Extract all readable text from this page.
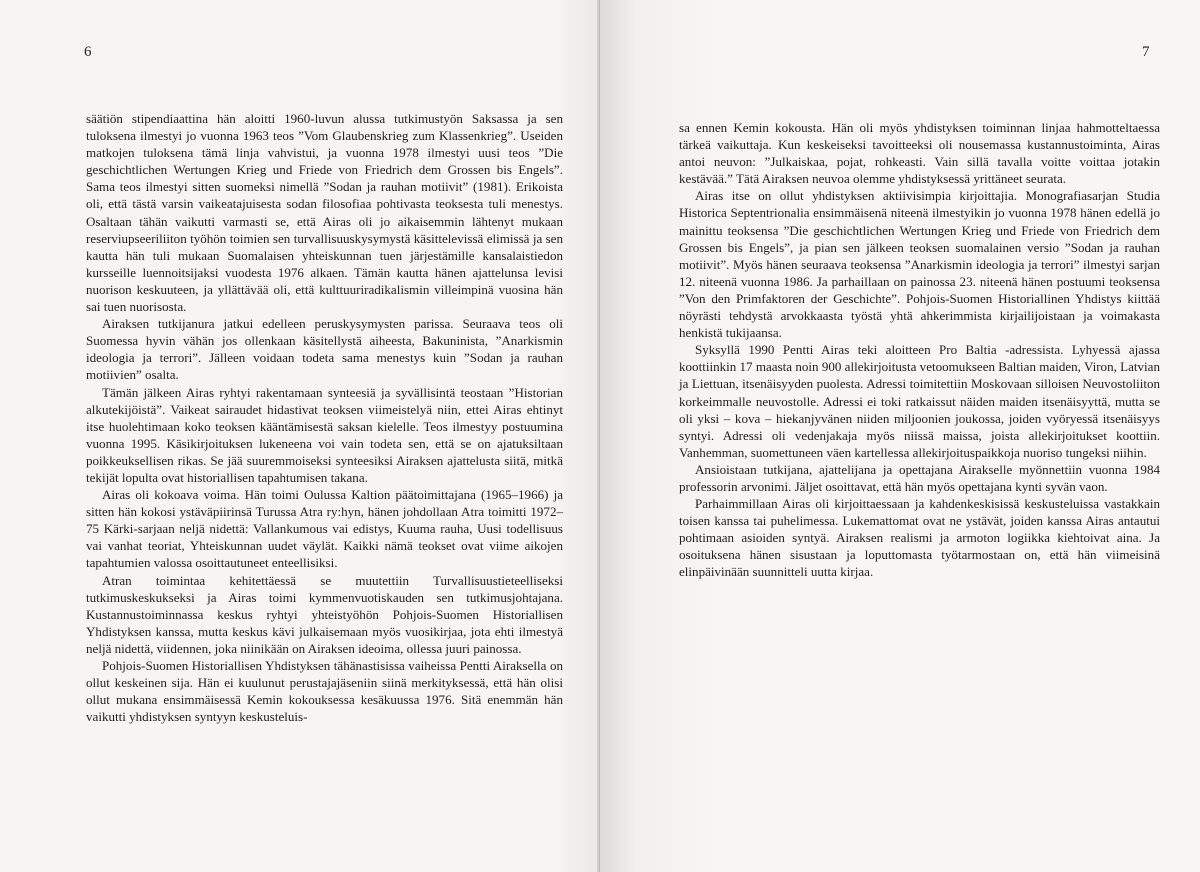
6

säätiön stipendiaattina hän aloitti 1960-luvun alussa tutkimustyön Saksassa ja sen tuloksena ilmestyi jo vuonna 1963 teos ”Vom Glaubenskrieg zum Klassenkrieg”. Useiden matkojen tuloksena tämä linja vahvistui, ja vuonna 1978 ilmestyi uusi teos ”Die geschichtlichen Wertungen Krieg und Friede von Friedrich dem Grossen bis Engels”. Sama teos ilmestyi sitten suomeksi nimellä ”Sodan ja rauhan motiivit” (1981). Erikoista oli, että tästä varsin vaikeatajuisesta sodan filosofiaa pohtivasta teoksesta tuli menestys. Osaltaan tähän vaikutti varmasti se, että Airas oli jo aikaisemmin lähtenyt mukaan reserviupseeriliiton työhön toimien sen turvallisuuskysymystä käsittelevissä elimissä ja sen kautta hän tuli mukaan Suomalaisen yhteiskunnan tuen järjestämille kansalaistiedon kursseille luennoitsijaksi vuodesta 1976 alkaen. Tämän kautta hänen ajattelunsa levisi nuorison keskuuteen, ja yllättävää oli, että kulttuuriradikalismin villeimpinä vuosina hän sai tuen nuorisosta.

Airaksen tutkijanura jatkui edelleen peruskysymysten parissa. Seuraava teos oli Suomessa hyvin vähän jos ollenkaan käsitellystä aiheesta, Bakuninista, ”Anarkismin ideologia ja terrori”. Jälleen voidaan todeta sama menestys kuin ”Sodan ja rauhan motiivien” osalta.

Tämän jälkeen Airas ryhtyi rakentamaan synteesiä ja syvällisintä teostaan ”Historian alkutekijöistä”. Vaikeat sairaudet hidastivat teoksen viimeistelyä niin, ettei Airas ehtinyt itse huolehtimaan koko teoksen kääntämisestä saksan kielelle. Teos ilmestyy postuumina vuonna 1995. Käsikirjoituksen lukeneena voi vain todeta sen, että se on ajatuksiltaan poikkeuksellisen rikas. Se jää suuremmoiseksi synteesiksi Airaksen ajattelusta siitä, mitkä tekijät lopulta ovat historiallisen tapahtumisen takana.

Airas oli kokoava voima. Hän toimi Oulussa Kaltion päätoimittajana (1965–1966) ja sitten hän kokosi ystäväpiirinsä Turussa Atra ry:hyn, hänen johdollaan Atra toimitti 1972–75 Kärki-sarjaan neljä nidettä: Vallankumous vai edistys, Kuuma rauha, Uusi todellisuus vai vanhat teoriat, Yhteiskunnan uudet väylät. Kaikki nämä teokset ovat viime aikojen tapahtumien valossa osoittautuneet enteellisiksi.

Atran toimintaa kehitettäessä se muutettiin Turvallisuustieteelliseksi tutkimuskeskukseksi ja Airas toimi kymmenvuotiskauden sen tutkimusjohtajana. Kustannustoiminnassa keskus ryhtyi yhteistyöhön Pohjois-Suomen Historiallisen Yhdistyksen kanssa, mutta keskus kävi julkaisemaan myös vuosikirjaa, jota ehti ilmestyä neljä nidettä, viidennen, joka niinikään on Airaksen ideoima, ollessa juuri painossa.

Pohjois-Suomen Historiallisen Yhdistyksen tähänastisissa vaiheissa Pentti Airaksella on ollut keskeinen sija. Hän ei kuulunut perustajajäseniin siinä merkityksessä, että hän olisi ollut mukana ensimmäisessä Kemin kokouksessa kesäkuussa 1976. Sitä enemmän hän vaikutti yhdistyksen syntyyn keskusteluis-

7

sa ennen Kemin kokousta. Hän oli myös yhdistyksen toiminnan linjaa hahmotteltaessa tärkeä vaikuttaja. Kun keskeiseksi tavoitteeksi oli nousemassa kustannustoiminta, Airas antoi neuvon: ”Julkaiskaa, pojat, rohkeasti. Vain sillä tavalla voitte voittaa jotakin kestävää.” Tätä Airaksen neuvoa olemme yhdistyksessä yrittäneet seurata.

Airas itse on ollut yhdistyksen aktiivisimpia kirjoittajia. Monografiasarjan Studia Historica Septentrionalia ensimmäisenä niteenä ilmestyikin jo vuonna 1978 hänen edellä jo mainittu teoksensa ”Die geschichtlichen Wertungen Krieg und Friede von Friedrich dem Grossen bis Engels”, ja pian sen jälkeen teoksen suomalainen versio ”Sodan ja rauhan motiivit”. Myös hänen seuraava teoksensa ”Anarkismin ideologia ja terrori” ilmestyi sarjan 12. niteenä vuonna 1986. Ja parhaillaan on painossa 23. niteenä hänen postuumi teoksensa ”Von den Primfaktoren der Geschichte”. Pohjois-Suomen Historiallinen Yhdistys kiittää nöyrästi tehdystä arvokkaasta työstä yhtä ahkerimmista kirjailijoistaan ja voimakasta henkistä tukijaansa.

Syksyllä 1990 Pentti Airas teki aloitteen Pro Baltia -adressista. Lyhyessä ajassa koottiinkin 17 maasta noin 900 allekirjoitusta vetoomukseen Baltian maiden, Viron, Latvian ja Liettuan, itsenäisyyden puolesta. Adressi toimitettiin Moskovaan silloisen Neuvostoliiton korkeimmalle neuvostolle. Adressi ei toki ratkaissut näiden maiden itsenäisyyttä, mutta se oli yksi – kova – hiekanjyvänen niiden miljoonien joukossa, joiden vyöryessä itsenäisyys syntyi. Adressi oli vedenjakaja myös niissä maissa, joista allekirjoitukset koottiin. Vanhemman, suomettuneen väen kartellessa allekirjoituspaikkoja nuoriso tungeksi niihin.

Ansioistaan tutkijana, ajattelijana ja opettajana Airakselle myönnettiin vuonna 1984 professorin arvonimi. Jäljet osoittavat, että hän myös opettajana kynti syvän vaon.

Parhaimmillaan Airas oli kirjoittaessaan ja kahdenkeskisissä keskusteluissa vastakkain toisen kanssa tai puhelimessa. Lukemattomat ovat ne ystävät, joiden kanssa Airas antautui pohtimaan asioiden syntyä. Airaksen realismi ja armoton logiikka kiehtoivat aina. Ja osoituksena hänen sisustaan ja loputtomasta työtarmostaan on, että hän viimeisinä elinpäivinään suunnitteli uutta kirjaa.
